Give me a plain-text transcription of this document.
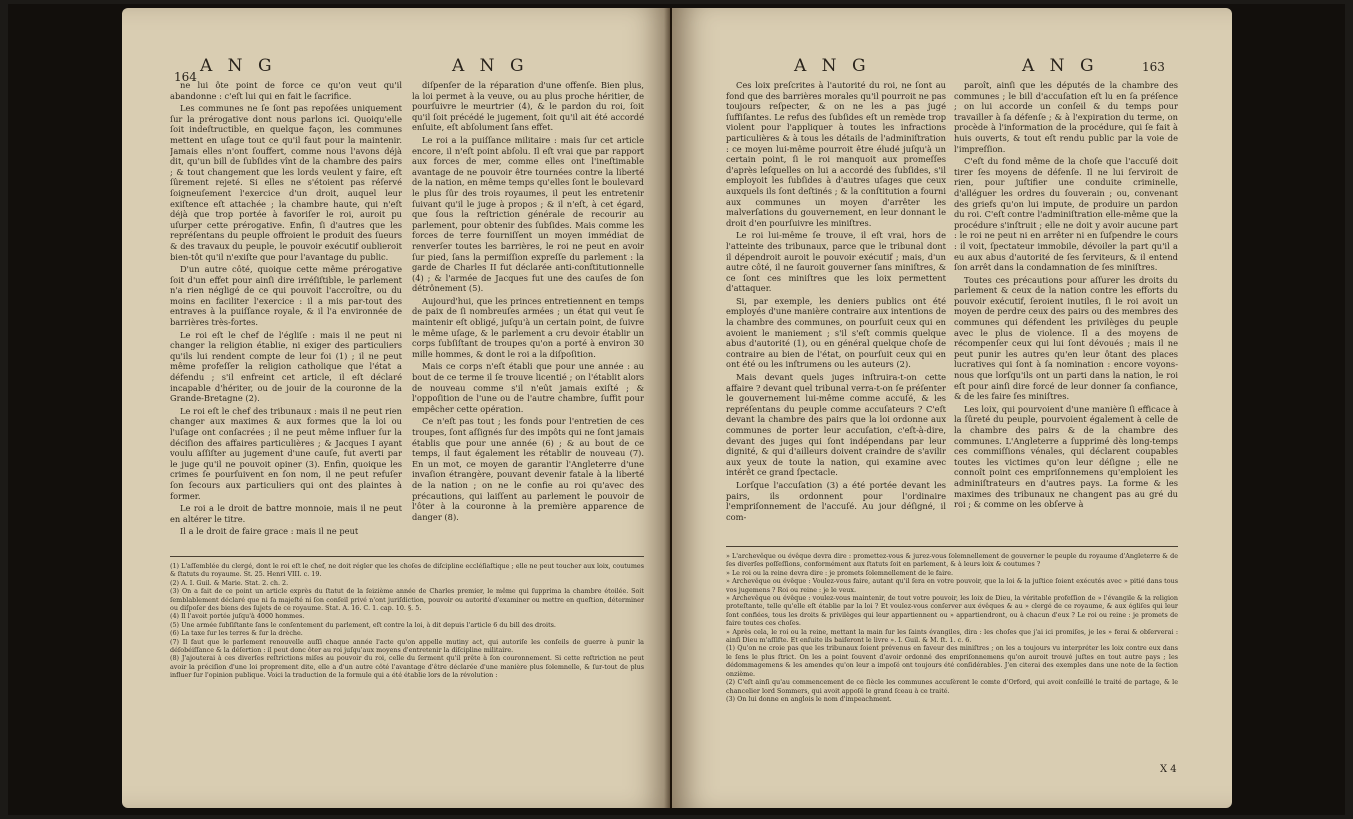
164
A N G	A N G

ne lui ôte point de force ce qu'on veut qu'il abandonne : c'eſt lui qui en fait le ſacrifice.

Les communes ne ſe ſont pas repoſées uniquement ſur la prérogative dont nous parlons ici. Quoiqu'elle ſoit indeſtructible, en quelque façon, les communes mettent en uſage tout ce qu'il faut pour la maintenir. Jamais elles n'ont ſouffert, comme nous l'avons déjà dit, qu'un bill de ſubſides vînt de la chambre des pairs ; & tout changement que les lords veulent y faire, eſt ſûrement rejeté. Si elles ne s'étoient pas réſervé ſoigneuſement l'exercice d'un droit, auquel leur exiſtence eſt attachée ; la chambre haute, qui n'eſt déjà que trop portée à favoriſer le roi, auroit pu uſurper cette prérogative. Enfin, ſi d'autres que les repréſentans du peuple offroient le produit des ſueurs & des travaux du peuple, le pouvoir exécutif oublieroit bien-tôt qu'il n'exiſte que pour l'avantage du public.

D'un autre côté, quoique cette même prérogative ſoit d'un effet pour ainſi dire irréſiſtible, le parlement n'a rien négligé de ce qui pouvoit l'accroître, ou du moins en faciliter l'exercice : il a mis par-tout des entraves à la puiſſance royale, & il l'a environnée de barrières très-fortes.

Le roi eſt le chef de l'égliſe : mais il ne peut ni changer la religion établie, ni exiger des particuliers qu'ils lui rendent compte de leur foi (1) ; il ne peut même profeſſer la religion catholique que l'état a défendu ; s'il enfreint cet article, il eſt déclaré incapable d'hériter, ou de jouir de la couronne de la Grande-Bretagne (2).

Le roi eſt le chef des tribunaux : mais il ne peut rien changer aux maximes & aux formes que la loi ou l'uſage ont conſacrées ; il ne peut même influer ſur la déciſion des affaires particulières ; & Jacques I ayant voulu aſſiſter au jugement d'une cauſe, fut averti par le juge qu'il ne pouvoit opiner (3). Enfin, quoique les crimes ſe pourſuivent en ſon nom, il ne peut refuſer ſon ſecours aux particuliers qui ont des plaintes à former.

Le roi a le droit de battre monnoie, mais il ne peut en altérer le titre.

Il a le droit de faire grace : mais il ne peut

diſpenſer de la réparation d'une offenſe. Bien plus, la loi permet à la veuve, ou au plus proche héritier, de pourſuivre le meurtrier (4), & le pardon du roi, ſoit qu'il ſoit précédé le jugement, ſoit qu'il ait été accordé enſuite, eſt abſolument ſans effet.

Le roi a la puiſſance militaire : mais ſur cet article encore, il n'eſt point abſolu. Il eſt vrai que par rapport aux forces de mer, comme elles ont l'ineſtimable avantage de ne pouvoir être tournées contre la liberté de la nation, en même temps qu'elles ſont le boulevard le plus ſûr des trois royaumes, il peut les entretenir ſuivant qu'il le juge à propos ; & il n'eſt, à cet égard, que ſous la reſtriction générale de recourir au parlement, pour obtenir des ſubſides. Mais comme les forces de terre fourniſſent un moyen immédiat de renverſer toutes les barrières, le roi ne peut en avoir ſur pied, ſans la permiſſion expreſſe du parlement : la garde de Charles II fut déclarée anti-conſtitutionnelle (4) ; & l'armée de Jacques fut une des cauſes de ſon détrônement (5).

Aujourd'hui, que les princes entretiennent en temps de paix de ſi nombreuſes armées ; un état qui veut ſe maintenir eſt obligé, juſqu'à un certain point, de ſuivre le même uſage, & le parlement a cru devoir établir un corps ſubſiſtant de troupes qu'on a porté à environ 30 mille hommes, & dont le roi a la diſpoſition.

Mais ce corps n'eſt établi que pour une année : au bout de ce terme il ſe trouve licentié ; on l'établit alors de nouveau comme s'il n'eût jamais exiſté ; & l'oppoſition de l'une ou de l'autre chambre, ſuffit pour empêcher cette opération.

Ce n'eſt pas tout ; les fonds pour l'entretien de ces troupes, ſont aſſignés ſur des impôts qui ne ſont jamais établis que pour une année (6) ; & au bout de ce temps, il faut également les rétablir de nouveau (7). En un mot, ce moyen de garantir l'Angleterre d'une invaſion étrangère, pouvant devenir fatale à la liberté de la nation ; on ne le confie au roi qu'avec des précautions, qui laiſſent au parlement le pouvoir de l'ôter à la couronne à la première apparence de danger (8).

(1) L'aſſemblée du clergé, dont le roi eſt le chef, ne doit régler que les choſes de diſcipline eccléſiaſtique ; elle ne peut toucher aux loix, coutumes & ſtatuts du royaume. St. 25. Henri VIII. c. 19.

(2) A. I. Guil. & Marie. Stat. 2. ch. 2.

(3) On a fait de ce point un article exprès du ſtatut de la ſeizième année de Charles premier, le même qui ſupprima la chambre étoilée. Soit ſemblablement déclaré que ni ſa majeſté ni ſon conſeil privé n'ont juriſdiction, pouvoir ou autorité d'examiner ou mettre en queſtion, déterminer ou diſpoſer des biens des ſujets de ce royaume. Stat. A. 16. C. 1. cap. 10. §. 5.

(4) Il l'avoit portée juſqu'à 4000 hommes.

(5) Une armée ſubſiſtante ſans le conſentement du parlement, eſt contre la loi, à dit depuis l'article 6 du bill des droits.

(6) La taxe ſur les terres & ſur la drèche.

(7) Il faut que le parlement renouvelle auſſi chaque année l'acte qu'on appelle mutiny act, qui autoriſe les conſeils de guerre à punir la déſobéiſſance & la déſertion : il peut donc ôter au roi juſqu'aux moyens d'entretenir la diſcipline militaire.

(8) J'ajouterai à ces diverſes reſtrictions miſes au pouvoir du roi, celle du ſerment qu'il prête à ſon couronnement. Si cette reſtriction ne peut avoir la préciſion d'une loi proprement dite, elle a d'un autre côté l'avantage d'être déclarée d'une manière plus ſolemnelle, & ſur-tout de plus influer ſur l'opinion publique. Voici la traduction de la formule qui a été établie lors de la révolution :

A N G	A N G	163

Ces loix preſcrites à l'autorité du roi, ne ſont au fond que des barrières morales qu'il pourroit ne pas toujours reſpecter, & on ne les a pas jugé ſuffiſantes. Le refus des ſubſides eſt un remède trop violent pour l'appliquer à toutes les infractions particulières & à tous les détails de l'adminiſtration : ce moyen lui-même pourroit être éludé juſqu'à un certain point, ſi le roi manquoit aux promeſſes d'après leſquelles on lui a accordé des ſubſides, s'il employoit les ſubſides à d'autres uſages que ceux auxquels ils ſont deſtinés ; & la conſtitution a fourni aux communes un moyen d'arrêter les malverſations du gouvernement, en leur donnant le droit d'en pourſuivre les miniſtres.

Le roi lui-même ſe trouve, il eſt vrai, hors de l'atteinte des tribunaux, parce que le tribunal dont il dépendroit auroit le pouvoir exécutif ; mais, d'un autre côté, il ne ſauroit gouverner ſans miniſtres, & ce ſont ces miniſtres que les loix permettent d'attaquer.

Si, par exemple, les deniers publics ont été employés d'une manière contraire aux intentions de la chambre des communes, on pourſuit ceux qui en avoient le maniement ; s'il s'eſt commis quelque abus d'autorité (1), ou en général quelque choſe de contraire au bien de l'état, on pourſuit ceux qui en ont été ou les inſtrumens ou les auteurs (2).

Mais devant quels juges inſtruira-t-on cette affaire ? devant quel tribunal verra-t-on ſe préſenter le gouvernement lui-même comme accuſé, & les repréſentans du peuple comme accuſateurs ? C'eſt devant la chambre des pairs que la loi ordonne aux communes de porter leur accuſation, c'eſt-à-dire, devant des juges qui ſont indépendans par leur dignité, & qui d'ailleurs doivent craindre de s'avilir aux yeux de toute la nation, qui examine avec intérêt ce grand ſpectacle.

Lorſque l'accuſation (3) a été portée devant les pairs, ils ordonnent pour l'ordinaire l'empriſonnement de l'accuſé. Au jour déſigné, il com-

paroît, ainſi que les députés de la chambre des communes ; le bill d'accuſation eſt lu en ſa préſence ; on lui accorde un conſeil & du temps pour travailler à ſa défenſe ; & à l'expiration du terme, on procède à l'information de la procédure, qui ſe fait à huis ouverts, & tout eſt rendu public par la voie de l'impreſſion.

C'eſt du fond même de la choſe que l'accuſé doit tirer ſes moyens de défenſe. Il ne lui ſerviroit de rien, pour juſtifier une conduite criminelle, d'alléguer les ordres du ſouverain ; ou, convenant des griefs qu'on lui impute, de produire un pardon du roi. C'eſt contre l'adminiſtration elle-même que la procédure s'inſtruit ; elle ne doit y avoir aucune part : le roi ne peut ni en arrêter ni en ſuſpendre le cours : il voit, ſpectateur immobile, dévoiler la part qu'il a eu aux abus d'autorité de ſes ſerviteurs, & il entend ſon arrêt dans la condamnation de ſes miniſtres.

Toutes ces précautions pour aſſurer les droits du parlement & ceux de la nation contre les efforts du pouvoir exécutif, ſeroient inutiles, ſi le roi avoit un moyen de perdre ceux des pairs ou des membres des communes qui défendent les privilèges du peuple avec le plus de violence. Il a des moyens de récompenſer ceux qui lui ſont dévoués ; mais il ne peut punir les autres qu'en leur ôtant des places lucratives qui ſont à ſa nomination : encore voyons-nous que lorſqu'ils ont un parti dans la nation, le roi eſt pour ainſi dire forcé de leur donner ſa confiance, & de les faire ſes miniſtres.

Les loix, qui pourvoient d'une manière ſi efficace à la ſûreté du peuple, pourvoient également à celle de la chambre des pairs & de la chambre des communes. L'Angleterre a ſupprimé dès long-temps ces commiſſions vénales, qui déclarent coupables toutes les victimes qu'on leur déſigne ; elle ne connoît point ces empriſonnemens qu'emploient les adminiſtrateurs en d'autres pays. La forme & les maximes des tribunaux ne changent pas au gré du roi ; & comme on les obſerve à

» L'archevêque ou évêque devra dire : promettez-vous & jurez-vous ſolemnellement de gouverner le peuple du royaume d'Angleterre & de ſes diverſes poſſeſſions, conformément aux ſtatuts ſoit en parlement, & à leurs loix & coutumes ?

» Le roi ou la reine devra dire : je promets ſolemnellement de le faire.

» Archevêque ou évêque : Voulez-vous faire, autant qu'il ſera en votre pouvoir, que la loi & la juſtice ſoient exécutés avec » pitié dans tous vos jugemens ? Roi ou reine : je le veux.

» Archevêque ou évêque : voulez-vous maintenir, de tout votre pouvoir, les loix de Dieu, la véritable profeſſion de » l'évangile & la religion proteſtante, telle qu'elle eſt établie par la loi ? Et voulez-vous conſerver aux évêques & au » clergé de ce royaume, & aux égliſes qui leur ſont confiées, tous les droits & privilèges qui leur appartiennent ou » appartiendront, ou à chacun d'eux ? Le roi ou reine : je promets de faire toutes ces choſes.

» Après cela, le roi ou la reine, mettant la main ſur les ſaints évangiles, dira : les choſes que j'ai ici promiſes, je les » ferai & obſerverai : ainſi Dieu m'aſſiſte. Et enſuite ils baiſeront le livre ». I. Guil. & M. ſt. 1. c. 6.

(1) Qu'on ne croie pas que les tribunaux ſoient prévenus en faveur des miniſtres ; on les a toujours vu interpréter les loix contre eux dans le ſens le plus ſtrict. On les a point ſouvent d'avoir ordonné des empriſonnemens qu'on auroit trouvé juſtes en tout autre pays ; les dédommagemens & les amendes qu'on leur a impoſé ont toujours été conſidérables. J'en citerai des exemples dans une note de la ſection onzième.

(2) C'eſt ainſi qu'au commencement de ce ſiècle les communes accuſèrent le comte d'Orford, qui avoit conſeillé le traité de partage, & le chancelier lord Sommers, qui avoit appoſé le grand ſceau à ce traité.

(3) On lui donne en anglois le nom d'impeachment.

X 4
